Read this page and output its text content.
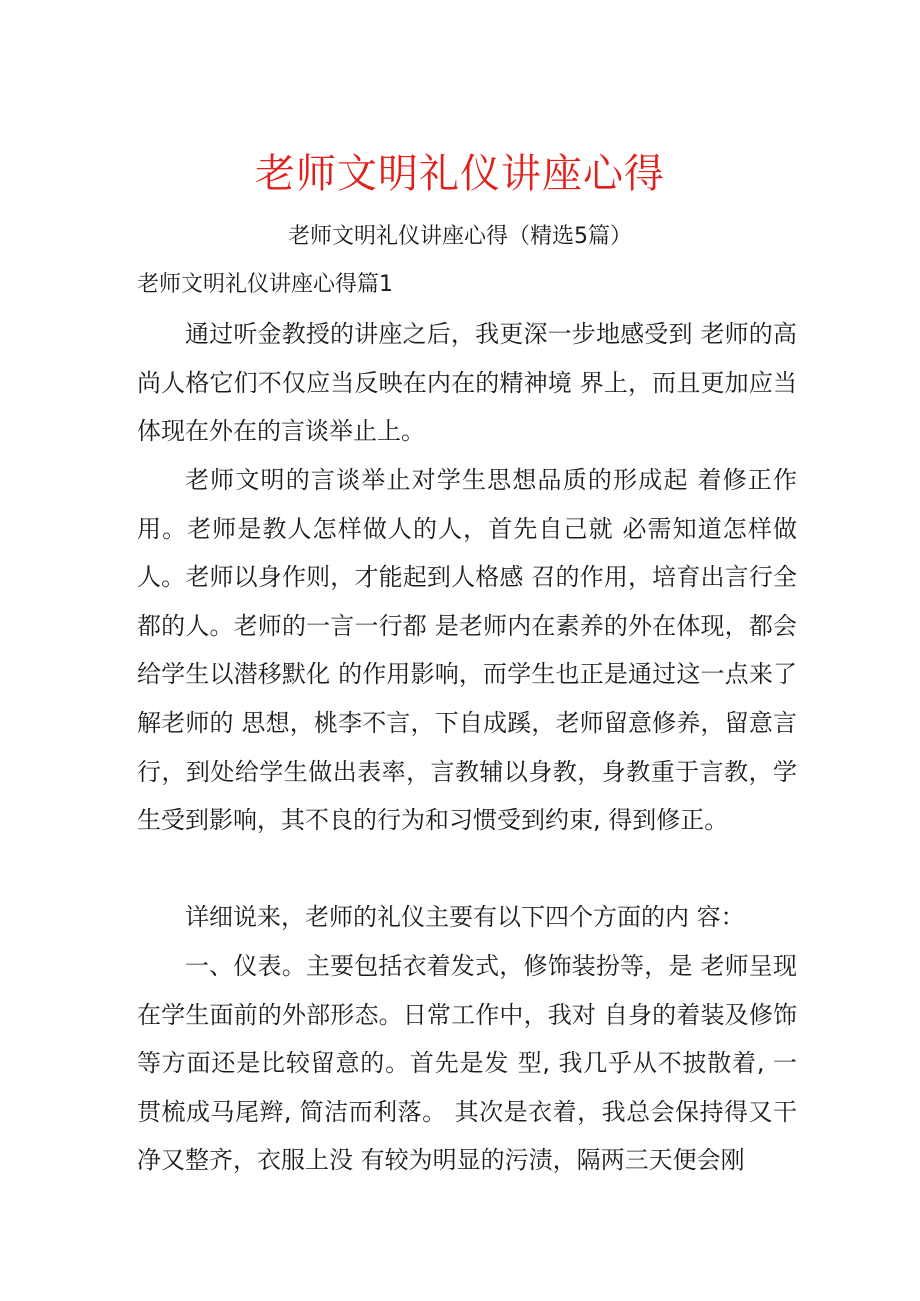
老师文明礼仪讲座心得
老师文明礼仪讲座心得（精选5篇）
老师文明礼仪讲座心得篇1

通过听金教授的讲座之后，我更深一步地感受到 老师的高尚人格它们不仅应当反映在内在的精神境 界上，而且更加应当体现在外在的言谈举止上。

老师文明的言谈举止对学生思想品质的形成起 着修正作用。老师是教人怎样做人的人，首先自己就 必需知道怎样做人。老师以身作则，才能起到人格感 召的作用，培育出言行全都的人。老师的一言一行都 是老师内在素养的外在体现，都会给学生以潜移默化 的作用影响，而学生也正是通过这一点来了解老师的 思想，桃李不言，下自成蹊，老师留意修养，留意言 行，到处给学生做出表率，言教辅以身教，身教重于言教，学生受到影响，其不良的行为和习惯受到约束, 得到修正。

详细说来，老师的礼仪主要有以下四个方面的内 容：

一、仪表。主要包括衣着发式，修饰装扮等，是 老师呈现在学生面前的外部形态。日常工作中，我对 自身的着装及修饰等方面还是比较留意的。首先是发 型, 我几乎从不披散着, 一贯梳成马尾辫, 简洁而利落。 其次是衣着，我总会保持得又干净又整齐，衣服上没 有较为明显的污渍，隔两三天便会刚
